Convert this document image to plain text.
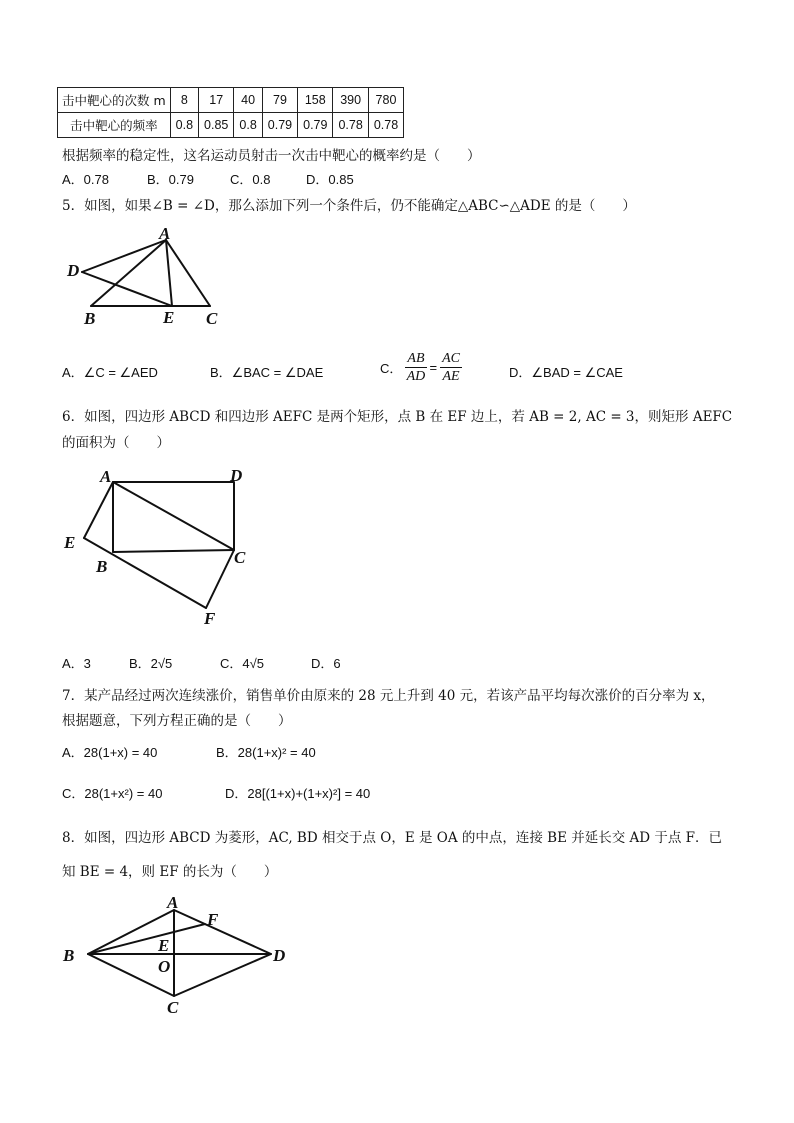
击中靶心的次数 m	8	17	40	79	158	390	780
击中靶心的频率	0.8	0.85	0.8	0.79	0.79	0.78	0.78
根据频率的稳定性，这名运动员射击一次击中靶心的概率约是（　　）
A．0.78	B．0.79	C．0.8	D．0.85
5．如图，如果∠B = ∠D，那么添加下列一个条件后，仍不能确定△ABC∽△ADE 的是（　　）
A
D
B	E C
A．∠C = ∠AED	B．∠BAC = ∠DAE	C． $\frac{AB}{AD} = \frac{AC}{AE}$	D．∠BAD = ∠CAE
6．如图，四边形 ABCD 和四边形 AEFC 是两个矩形，点 B 在 EF 边上，若 AB = 2, AC = 3，则矩形 AEFC
的面积为（　　）
A	D
E
B	C
F
A．3	B．2√5	C．4√5	D．6
7．某产品经过两次连续涨价，销售单价由原来的 28 元上升到 40 元，若该产品平均每次涨价的百分率为 x，
根据题意，下列方程正确的是（　　）
A．28(1+x) = 40	B．28(1+x)² = 40
C．28(1+x²) = 40	D．28[(1+x)+(1+x)²] = 40
8．如图，四边形 ABCD 为菱形，AC, BD 相交于点 O，E 是 OA 的中点，连接 BE 并延长交 AD 于点 F．已
知 BE = 4，则 EF 的长为（　　）
A
F
B
E
O
D
C
